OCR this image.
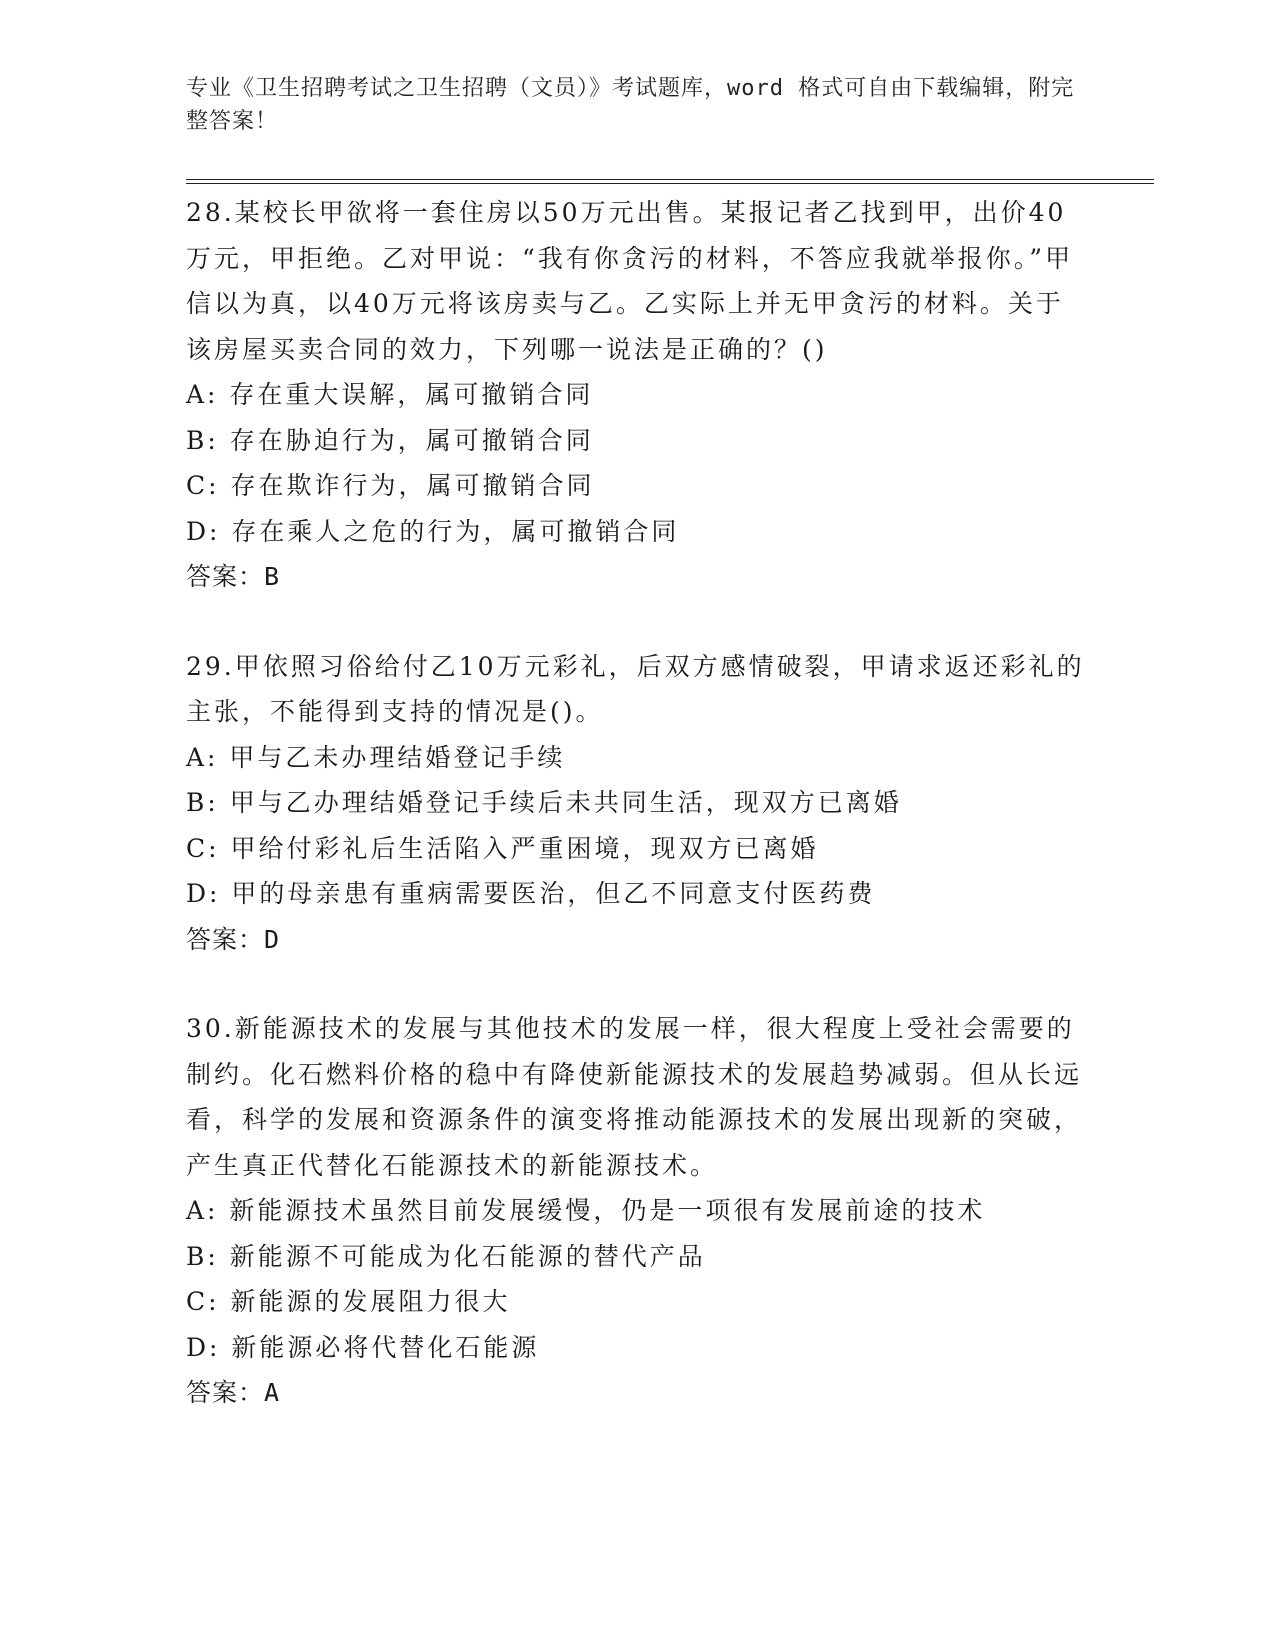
专业《卫生招聘考试之卫生招聘（文员）》考试题库，word 格式可自由下载编辑，附完整答案！

28.某校长甲欲将一套住房以50万元出售。某报记者乙找到甲，出价40万元，甲拒绝。乙对甲说：“我有你贪污的材料，不答应我就举报你。”甲信以为真，以40万元将该房卖与乙。乙实际上并无甲贪污的材料。关于该房屋买卖合同的效力，下列哪一说法是正确的？()

A: 存在重大误解，属可撤销合同

B: 存在胁迫行为，属可撤销合同

C: 存在欺诈行为，属可撤销合同

D: 存在乘人之危的行为，属可撤销合同

答案：B

29.甲依照习俗给付乙10万元彩礼，后双方感情破裂，甲请求返还彩礼的主张，不能得到支持的情况是()。

A: 甲与乙未办理结婚登记手续

B: 甲与乙办理结婚登记手续后未共同生活，现双方已离婚

C: 甲给付彩礼后生活陷入严重困境，现双方已离婚

D: 甲的母亲患有重病需要医治，但乙不同意支付医药费

答案：D

30.新能源技术的发展与其他技术的发展一样，很大程度上受社会需要的制约。化石燃料价格的稳中有降使新能源技术的发展趋势减弱。但从长远看，科学的发展和资源条件的演变将推动能源技术的发展出现新的突破，产生真正代替化石能源技术的新能源技术。

A: 新能源技术虽然目前发展缓慢，仍是一项很有发展前途的技术

B: 新能源不可能成为化石能源的替代产品

C: 新能源的发展阻力很大

D: 新能源必将代替化石能源

答案：A
